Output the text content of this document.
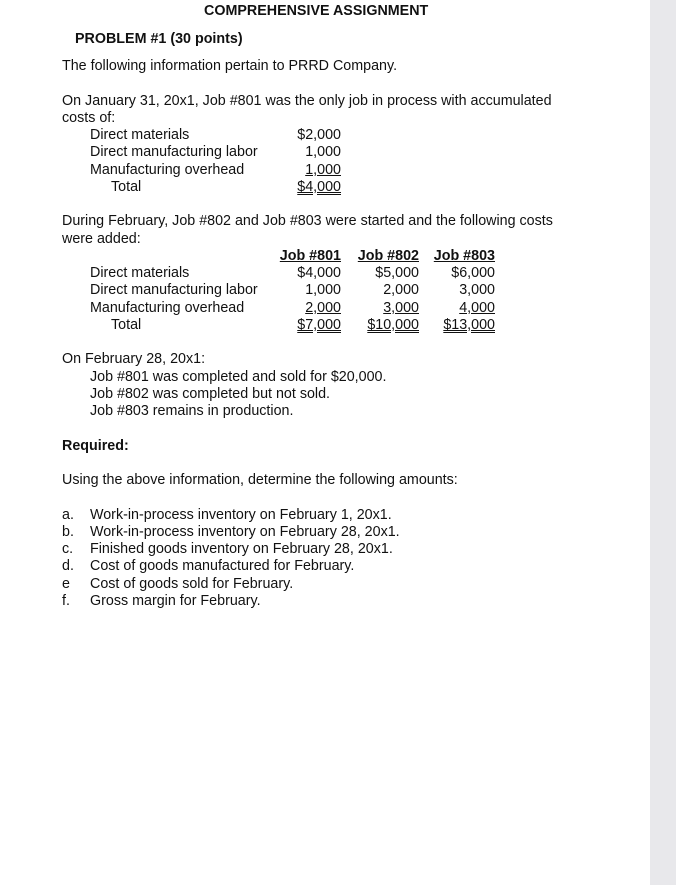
COMPREHENSIVE ASSIGNMENT
PROBLEM #1 (30 points)
The following information pertain to PRRD Company.
On January 31, 20x1, Job #801 was the only job in process with accumulated
costs of:
Direct materials	$2,000
Direct manufacturing labor	1,000
Manufacturing overhead	1,000
Total	$4,000
During February, Job #802 and Job #803 were started and the following costs
were added:
Job #801	Job #802	Job #803
Direct materials	$4,000	$5,000	$6,000
Direct manufacturing labor	1,000	2,000	3,000
Manufacturing overhead	2,000	3,000	4,000
Total	$7,000	$10,000	$13,000
On February 28, 20x1:
Job #801 was completed and sold for $20,000.
Job #802 was completed but not sold.
Job #803 remains in production.
Required:
Using the above information, determine the following amounts:
a. Work-in-process inventory on February 1, 20x1.
b. Work-in-process inventory on February 28, 20x1.
c. Finished goods inventory on February 28, 20x1.
d. Cost of goods manufactured for February.
e Cost of goods sold for February.
f. Gross margin for February.
